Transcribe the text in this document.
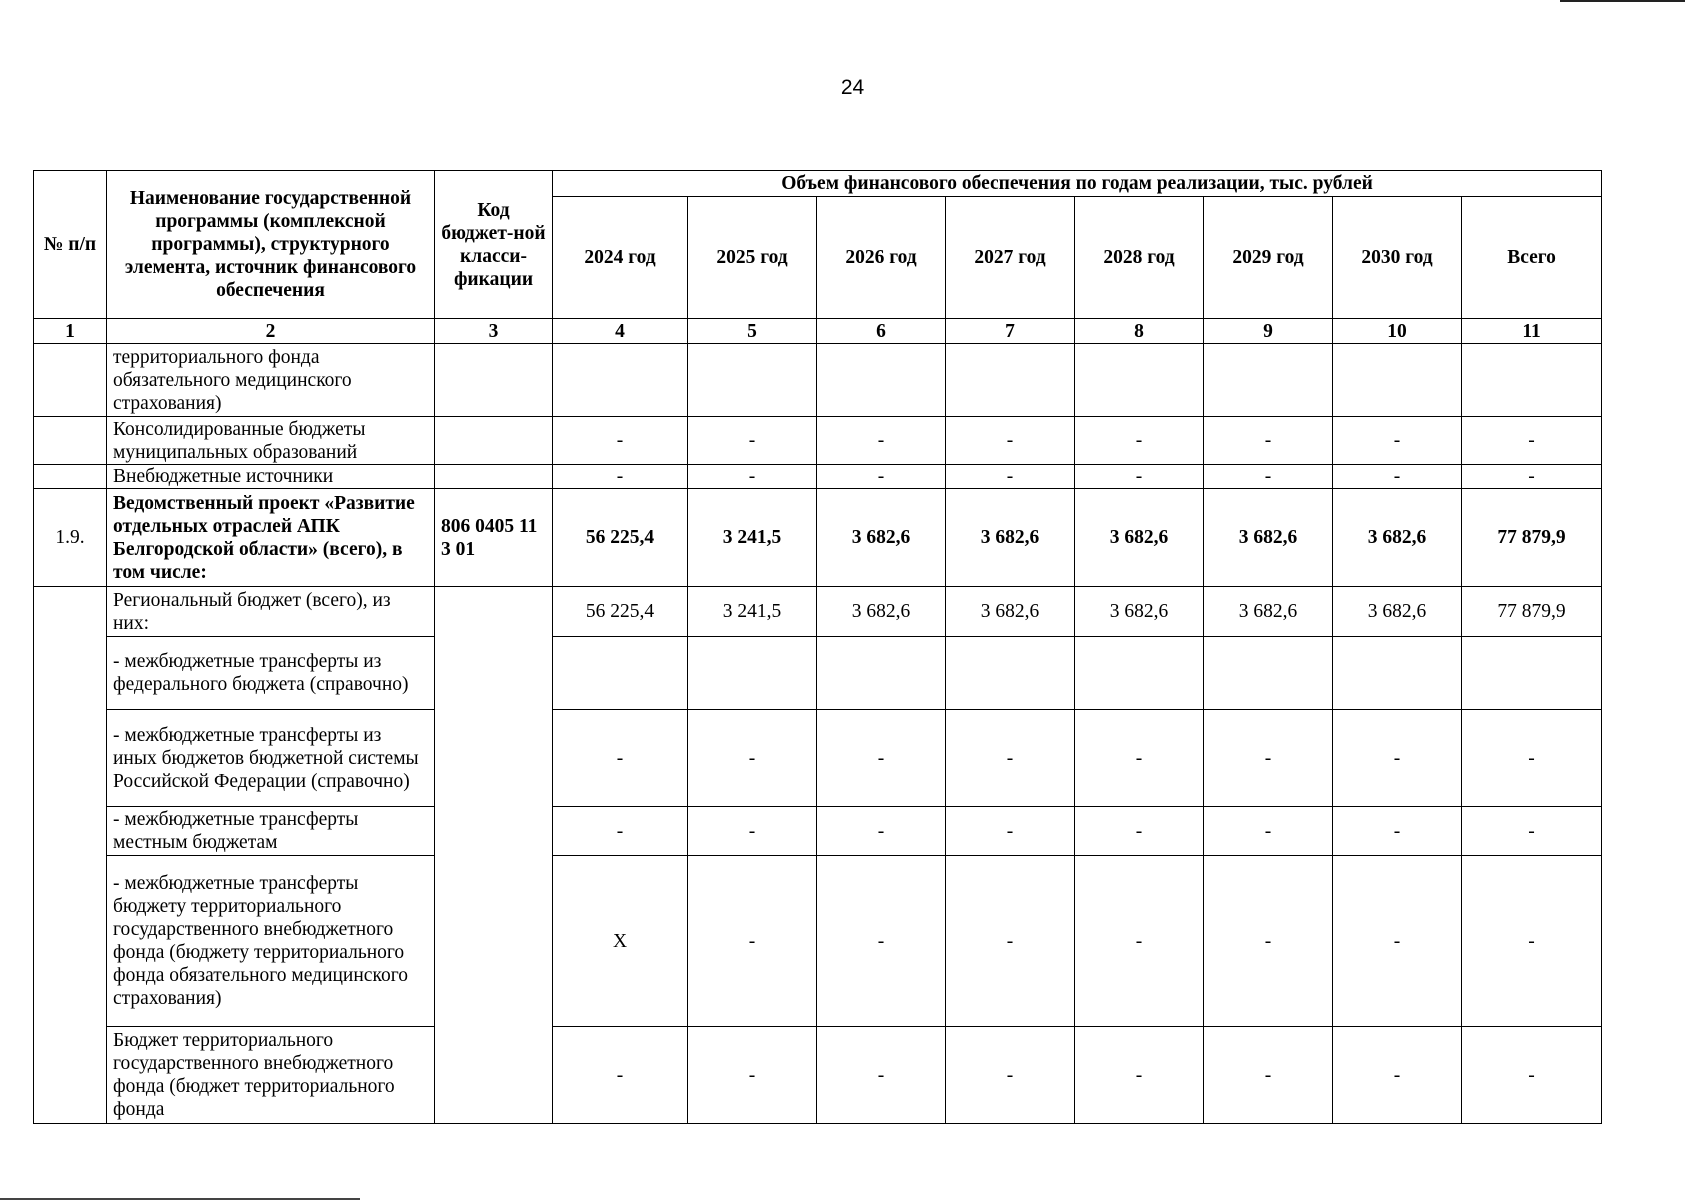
24
№ п/п	Наименование государственной программы (комплексной программы), структурного элемента, источник финансового обеспечения	Код бюджет-ной класси-фикации	Объем финансового обеспечения по годам реализации, тыс. рублей							
			2024 год	2025 год	2026 год	2027 год	2028 год	2029 год	2030 год	Всего
1	2	3	4	5	6	7	8	9	10	11
	территориального фонда обязательного медицинского страхования)									
	Консолидированные бюджеты муниципальных образований		-	-	-	-	-	-	-	-
	Внебюджетные источники		-	-	-	-	-	-	-	-
1.9.	Ведомственный проект «Развитие отдельных отраслей АПК Белгородской области» (всего), в том числе:	806 0405 11 3 01	56 225,4	3 241,5	3 682,6	3 682,6	3 682,6	3 682,6	3 682,6	77 879,9
	Региональный бюджет (всего), из них:		56 225,4	3 241,5	3 682,6	3 682,6	3 682,6	3 682,6	3 682,6	77 879,9
	- межбюджетные трансферты из федерального бюджета (справочно)									
	- межбюджетные трансферты из иных бюджетов бюджетной системы Российской Федерации (справочно)		-	-	-	-	-	-	-	-
	- межбюджетные трансферты местным бюджетам		-	-	-	-	-	-	-	-
	- межбюджетные трансферты бюджету территориального государственного внебюджетного фонда (бюджету территориального фонда обязательного медицинского страхования)		X	-	-	-	-	-	-	-
	Бюджет территориального государственного внебюджетного фонда (бюджет территориального фонда		-	-	-	-	-	-	-	-
